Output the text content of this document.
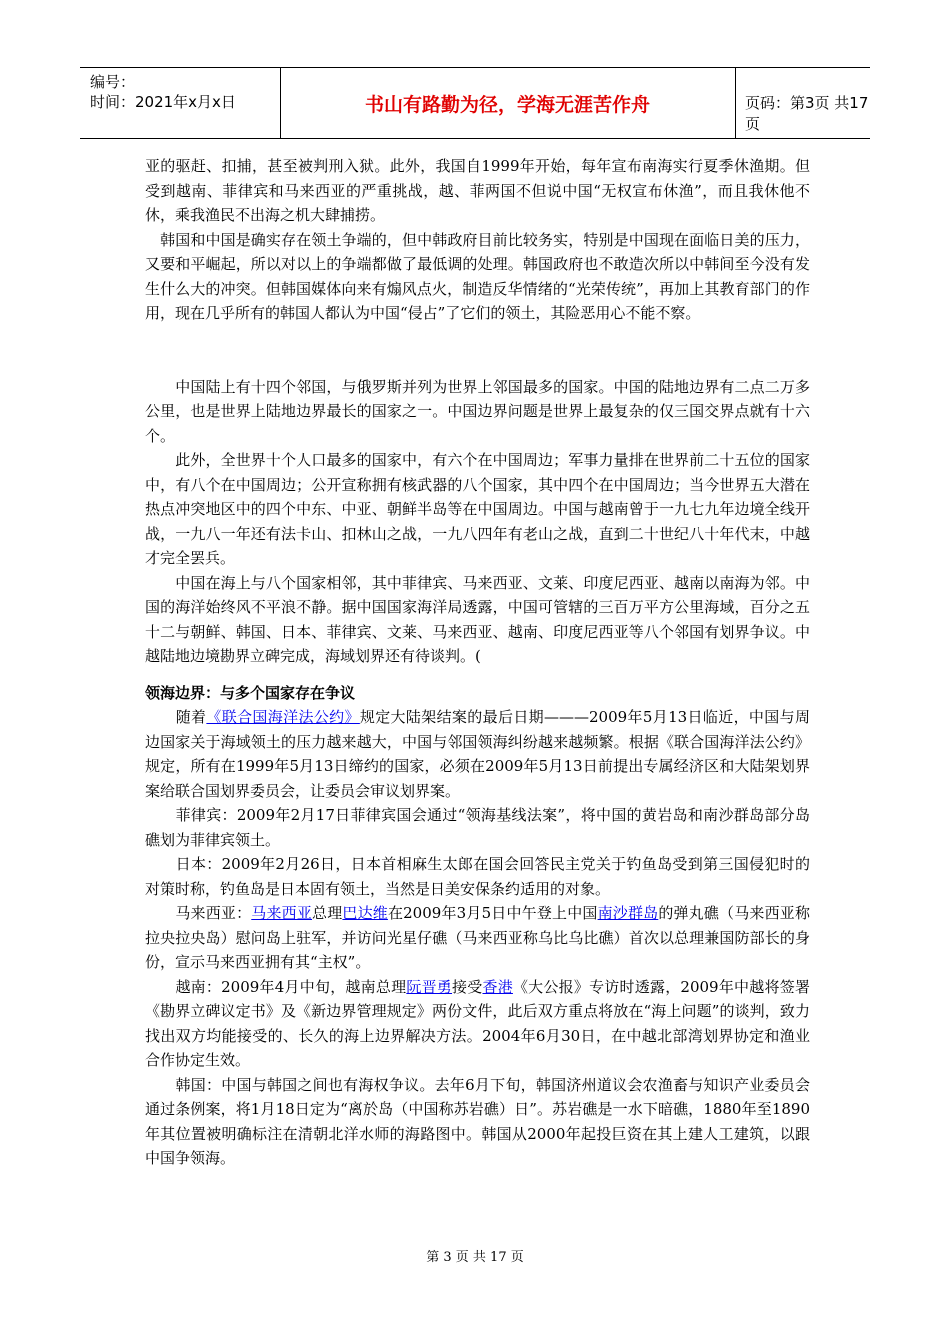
编号：
时间：2021年x月x日	书山有路勤为径，学海无涯苦作舟	页码：第3页 共17页

亚的驱赶、扣捕，甚至被判刑入狱。此外，我国自1999年开始，每年宣布南海实行夏季休渔期。但受到越南、菲律宾和马来西亚的严重挑战，越、菲两国不但说中国“无权宣布休渔”，而且我休他不休，乘我渔民不出海之机大肆捕捞。

　韩国和中国是确实存在领土争端的，但中韩政府目前比较务实，特别是中国现在面临日美的压力，又要和平崛起，所以对以上的争端都做了最低调的处理。韩国政府也不敢造次所以中韩间至今没有发生什么大的冲突。但韩国媒体向来有煽风点火，制造反华情绪的“光荣传统”，再加上其教育部门的作用，现在几乎所有的韩国人都认为中国“侵占”了它们的领土，其险恶用心不能不察。

　　中国陆上有十四个邻国，与俄罗斯并列为世界上邻国最多的国家。中国的陆地边界有二点二万多公里，也是世界上陆地边界最长的国家之一。中国边界问题是世界上最复杂的仅三国交界点就有十六个。

　　此外，全世界十个人口最多的国家中，有六个在中国周边；军事力量排在世界前二十五位的国家中，有八个在中国周边；公开宣称拥有核武器的八个国家，其中四个在中国周边；当今世界五大潜在热点冲突地区中的四个中东、中亚、朝鲜半岛等在中国周边。中国与越南曾于一九七九年边境全线开战，一九八一年还有法卡山、扣林山之战，一九八四年有老山之战，直到二十世纪八十年代末，中越才完全罢兵。

　　中国在海上与八个国家相邻，其中菲律宾、马来西亚、文莱、印度尼西亚、越南以南海为邻。中国的海洋始终风不平浪不静。据中国国家海洋局透露，中国可管辖的三百万平方公里海域，百分之五十二与朝鲜、韩国、日本、菲律宾、文莱、马来西亚、越南、印度尼西亚等八个邻国有划界争议。中越陆地边境勘界立碑完成，海域划界还有待谈判。(

领海边界：与多个国家存在争议

　　随着《联合国海洋法公约》规定大陆架结案的最后日期———2009年5月13日临近，中国与周边国家关于海域领土的压力越来越大，中国与邻国领海纠纷越来越频繁。根据《联合国海洋法公约》规定，所有在1999年5月13日缔约的国家，必须在2009年5月13日前提出专属经济区和大陆架划界案给联合国划界委员会，让委员会审议划界案。

　　菲律宾：2009年2月17日菲律宾国会通过“领海基线法案”，将中国的黄岩岛和南沙群岛部分岛礁划为菲律宾领土。

　　日本：2009年2月26日，日本首相麻生太郎在国会回答民主党关于钓鱼岛受到第三国侵犯时的对策时称，钓鱼岛是日本固有领土，当然是日美安保条约适用的对象。

　　马来西亚：马来西亚总理巴达维在2009年3月5日中午登上中国南沙群岛的弹丸礁（马来西亚称拉央拉央岛）慰问岛上驻军，并访问光星仔礁（马来西亚称乌比乌比礁）首次以总理兼国防部长的身份，宣示马来西亚拥有其“主权”。

　　越南：2009年4月中旬，越南总理阮晋勇接受香港《大公报》专访时透露，2009年中越将签署《勘界立碑议定书》及《新边界管理规定》两份文件，此后双方重点将放在“海上问题”的谈判，致力找出双方均能接受的、长久的海上边界解决方法。2004年6月30日，在中越北部湾划界协定和渔业合作协定生效。

　　韩国：中国与韩国之间也有海权争议。去年6月下旬，韩国济州道议会农渔畜与知识产业委员会通过条例案，将1月18日定为“离於岛（中国称苏岩礁）日”。苏岩礁是一水下暗礁，1880年至1890年其位置被明确标注在清朝北洋水师的海路图中。韩国从2000年起投巨资在其上建人工建筑，以跟中国争领海。

第 3 页 共 17 页
